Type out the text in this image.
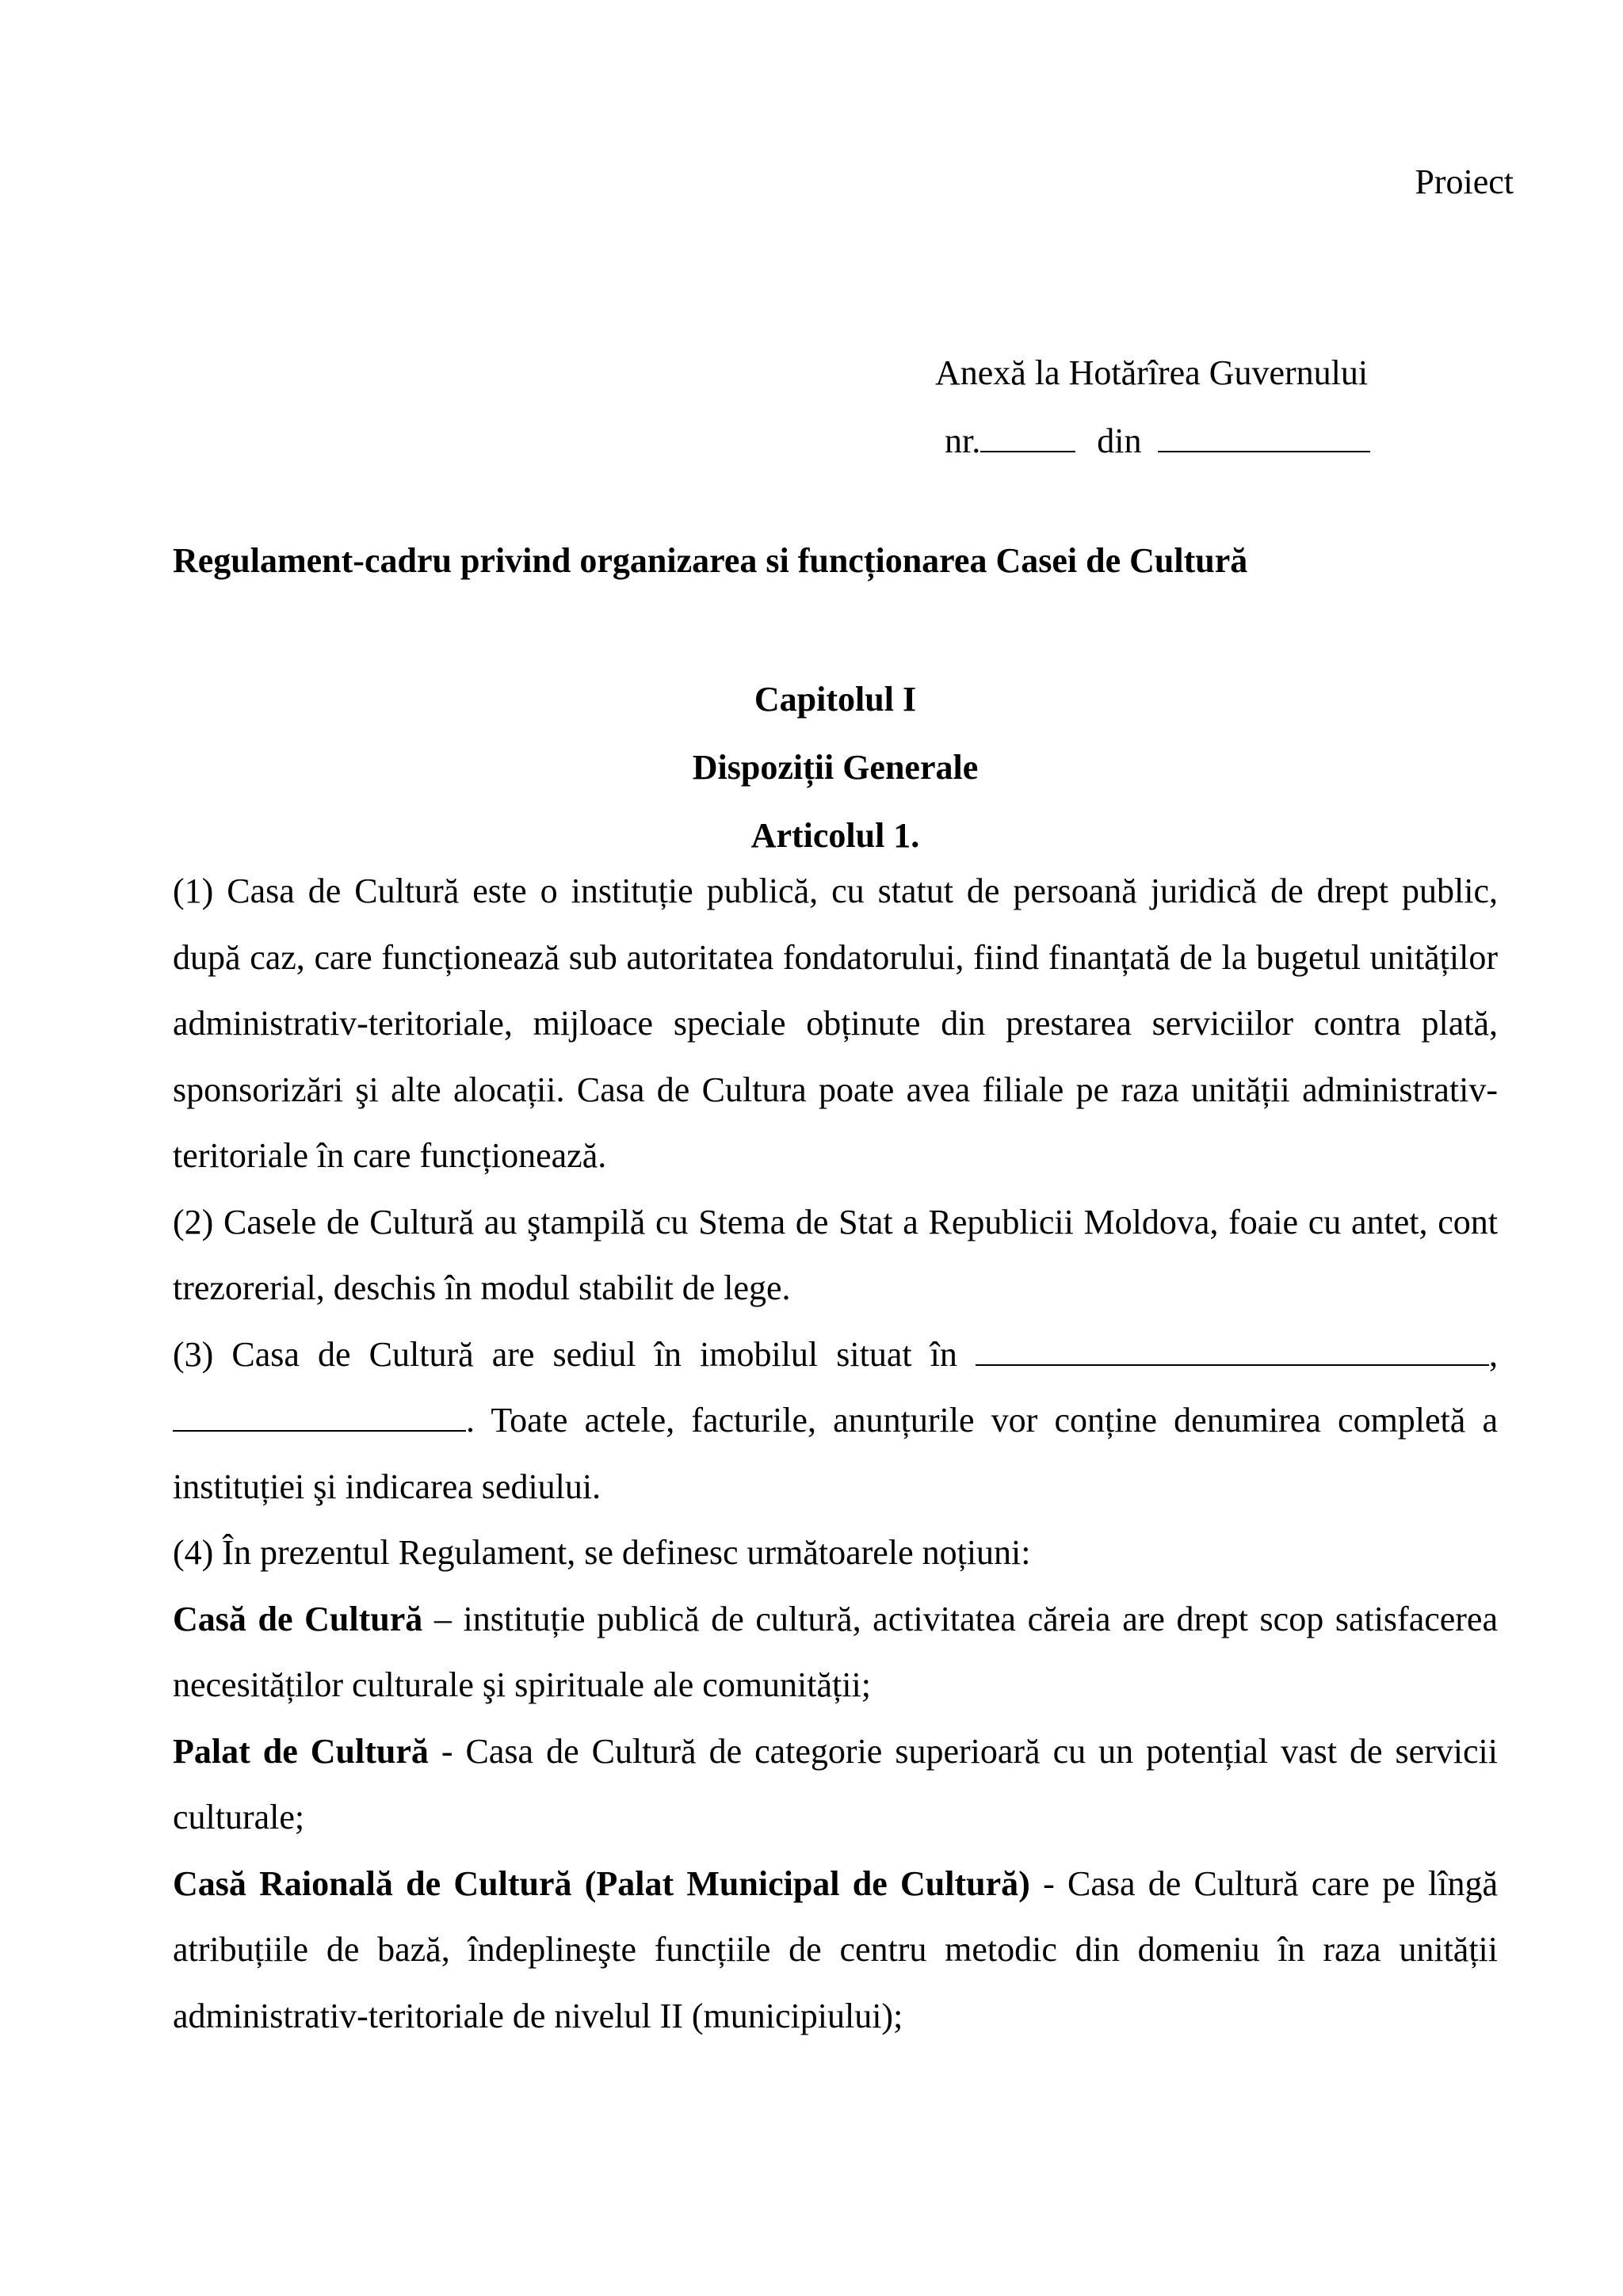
Proiect
Anexă la Hotărîrea Guvernului
nr.	din
Regulament-cadru privind organizarea si funcționarea Casei de Cultură
Capitolul I
Dispoziții Generale
Articolul 1.

(1) Casa de Cultură este o instituție publică, cu statut de persoană juridică de drept public, după caz, care funcționează sub autoritatea fondatorului, fiind finanțată de la bugetul unităților administrativ-teritoriale, mijloace speciale obținute din prestarea serviciilor contra plată, sponsorizări şi alte alocații. Casa de Cultura poate avea filiale pe raza unității administrativ-teritoriale în care funcționează.

(2) Casele de Cultură au ştampilă cu Stema de Stat a Republicii Moldova, foaie cu antet, cont trezorerial, deschis în modul stabilit de lege.

(3) Casa de Cultură are sediul în imobilul situat în	, . Toate actele, facturile, anunțurile vor conține denumirea completă a instituției şi indicarea sediului.

(4) În prezentul Regulament, se definesc următoarele noțiuni:

Casă de Cultură – instituție publică de cultură, activitatea căreia are drept scop satisfacerea necesităților culturale şi spirituale ale comunității;

Palat de Cultură - Casa de Cultură de categorie superioară cu un potențial vast de servicii culturale;

Casă Raională de Cultură (Palat Municipal de Cultură) - Casa de Cultură care pe lîngă atribuțiile de bază, îndeplineşte funcțiile de centru metodic din domeniu în raza unității administrativ-teritoriale de nivelul II (municipiului);
